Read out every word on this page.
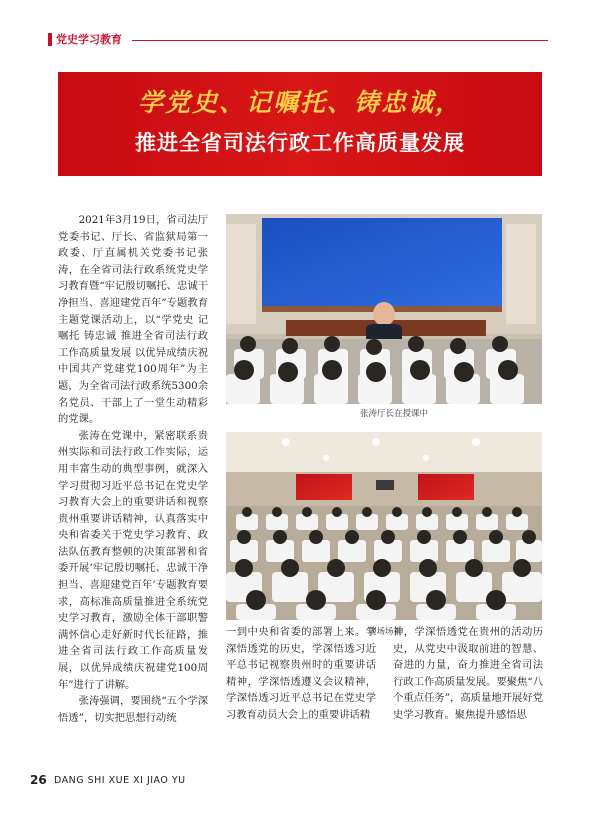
党史学习教育
学党史、记嘱托、铸忠诚，
推进全省司法行政工作高质量发展

2021年3月19日，省司法厅党委书记、厅长、省监狱局第一政委、厅直属机关党委书记张涛，在全省司法行政系统党史学习教育暨“牢记殷切嘱托、忠诚干净担当、喜迎建党百年”专题教育主题党课活动上，以“学党史 记嘱托 铸忠诚 推进全省司法行政工作高质量发展 以优异成绩庆祝中国共产党建党100周年”为主题，为全省司法行政系统5300余名党员、干部上了一堂生动精彩的党课。

张涛在党课中，紧密联系贵州实际和司法行政工作实际，运用丰富生动的典型事例，就深入学习贯彻习近平总书记在党史学习教育大会上的重要讲话和视察贵州重要讲话精神，认真落实中央和省委关于党史学习教育、政法队伍教育整顿的决策部署和省委开展‘牢记殷切嘱托、忠诚干净担当、喜迎建党百年’专题教育要求，高标准高质量推进全系统党史学习教育，激励全体干部职警满怀信心走好新时代长征路，推进全省司法行政工作高质量发展，以优异成绩庆祝建党100周年”进行了讲解。

张涛强调，要围绕“五个学深悟透”，切实把思想行动统

张涛厅长在授课中
现场场景

一到中央和省委的部署上来。学深悟透党的历史，学深悟透习近平总书记视察贵州时的重要讲话精神，学深悟透遵义会议精神，学深悟透习近平总书记在党史学习教育动员大会上的重要讲话精

神，学深悟透党在贵州的活动历史，从党史中汲取前进的智慧、奋进的力量，奋力推进全省司法行政工作高质量发展。要聚焦“八个重点任务”，高质量地开展好党史学习教育。聚焦提升感悟思

26 DANG SHI XUE XI JIAO YU
